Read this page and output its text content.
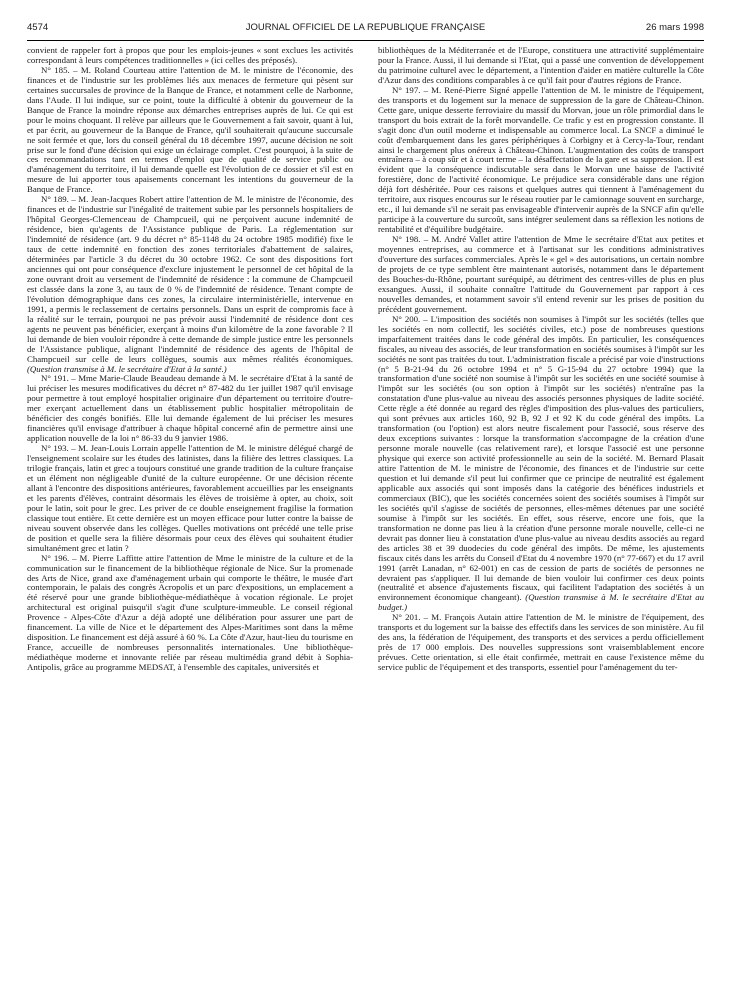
4574	JOURNAL OFFICIEL DE LA REPUBLIQUE FRANÇAISE	26 mars 1998

convient de rappeler fort à propos que pour les emplois-jeunes « sont exclues les activités correspondant à leurs compétences traditionnelles » (ici celles des préposés).

N° 185. – M. Roland Courteau attire l'attention de M. le ministre de l'économie, des finances et de l'industrie sur les problèmes liés aux menaces de fermeture qui pèsent sur certaines succursales de province de la Banque de France, et notamment celle de Narbonne, dans l'Aude. Il lui indique, sur ce point, toute la difficulté à obtenir du gouverneur de la Banque de France la moindre réponse aux démarches entreprises auprès de lui. Ce qui est pour le moins choquant. Il relève par ailleurs que le Gouvernement a fait savoir, quant à lui, et par écrit, au gouverneur de la Banque de France, qu'il souhaiterait qu'aucune succursale ne soit fermée et que, lors du conseil général du 18 décembre 1997, aucune décision ne soit prise sur le fond d'une décision qui exige un éclairage complet. C'est pourquoi, à la suite de ces recommandations tant en termes d'emploi que de qualité de service public ou d'aménagement du territoire, il lui demande quelle est l'évolution de ce dossier et s'il est en mesure de lui apporter tous apaisements concernant les intentions du gouverneur de la Banque de France.

N° 189. – M. Jean-Jacques Robert attire l'attention de M. le ministre de l'économie, des finances et de l'industrie sur l'inégalité de traitement subie par les personnels hospitaliers de l'hôpital Georges-Clemenceau de Champcueil, qui ne perçoivent aucune indemnité de résidence, bien qu'agents de l'Assistance publique de Paris. La réglementation sur l'indemnité de résidence (art. 9 du décret n° 85-1148 du 24 octobre 1985 modifié) fixe le taux de cette indemnité en fonction des zones territoriales d'abattement de salaires, déterminées par l'article 3 du décret du 30 octobre 1962. Ce sont des dispositions fort anciennes qui ont pour conséquence d'exclure injustement le personnel de cet hôpital de la zone ouvrant droit au versement de l'indemnité de résidence : la commune de Champcueil est classée dans la zone 3, au taux de 0 % de l'indemnité de résidence. Tenant compte de l'évolution démographique dans ces zones, la circulaire interministérielle, intervenue en 1991, a permis le reclassement de certains personnels. Dans un esprit de compromis face à la réalité sur le terrain, pourquoi ne pas prévoir aussi l'indemnité de résidence dont ces agents ne peuvent pas bénéficier, exerçant à moins d'un kilomètre de la zone favorable ? Il lui demande de bien vouloir répondre à cette demande de simple justice entre les personnels de l'Assistance publique, alignant l'indemnité de résidence des agents de l'hôpital de Champcueil sur celle de leurs collègues, soumis aux mêmes réalités économiques. (Question transmise à M. le secrétaire d'Etat à la santé.)

N° 191. – Mme Marie-Claude Beaudeau demande à M. le secrétaire d'Etat à la santé de lui préciser les mesures modificatives du décret n° 87-482 du 1er juillet 1987 qu'il envisage pour permettre à tout employé hospitalier originaire d'un département ou territoire d'outre-mer exerçant actuellement dans un établissement public hospitalier métropolitain de bénéficier des congés bonifiés. Elle lui demande également de lui préciser les mesures financières qu'il envisage d'attribuer à chaque hôpital concerné afin de permettre ainsi une application nouvelle de la loi n° 86-33 du 9 janvier 1986.

N° 193. – M. Jean-Louis Lorrain appelle l'attention de M. le ministre délégué chargé de l'enseignement scolaire sur les études des latinistes, dans la filière des lettres classiques. La trilogie français, latin et grec a toujours constitué une grande tradition de la culture française et un élément non négligeable d'unité de la culture européenne. Or une décision récente allant à l'encontre des dispositions antérieures, favorablement accueillies par les enseignants et les parents d'élèves, contraint désormais les élèves de troisième à opter, au choix, soit pour le latin, soit pour le grec. Les priver de ce double enseignement fragilise la formation classique tout entière. Et cette dernière est un moyen efficace pour lutter contre la baisse de niveau souvent observée dans les collèges. Quelles motivations ont précédé une telle prise de position et quelle sera la filière désormais pour ceux des élèves qui souhaitent étudier simultanément grec et latin ?

N° 196. – M. Pierre Laffitte attire l'attention de Mme le ministre de la culture et de la communication sur le financement de la bibliothèque régionale de Nice. Sur la promenade des Arts de Nice, grand axe d'aménagement urbain qui comporte le théâtre, le musée d'art contemporain, le palais des congrès Acropolis et un parc d'expositions, un emplacement a été réservé pour une grande bibliothèque-médiathèque à vocation régionale. Le projet architectural est original puisqu'il s'agit d'une sculpture-immeuble. Le conseil régional Provence - Alpes-Côte d'Azur a déjà adopté une délibération pour assurer une part de financement. La ville de Nice et le département des Alpes-Maritimes sont dans la même disposition. Le financement est déjà assuré à 60 %. La Côte d'Azur, haut-lieu du tourisme en France, accueille de nombreuses personnalités internationales. Une bibliothèque-médiathèque moderne et innovante reliée par réseau multimédia grand débit à Sophia-Antipolis, grâce au programme MEDSAT, à l'ensemble des capitales, universités et

bibliothèques de la Méditerranée et de l'Europe, constituera une attractivité supplémentaire pour la France. Aussi, il lui demande si l'Etat, qui a passé une convention de développement du patrimoine culturel avec le département, a l'intention d'aider en matière culturelle la Côte d'Azur dans des conditions comparables à ce qu'il fait pour d'autres régions de France.

N° 197. – M. René-Pierre Signé appelle l'attention de M. le ministre de l'équipement, des transports et du logement sur la menace de suppression de la gare de Château-Chinon. Cette gare, unique desserte ferroviaire du massif du Morvan, joue un rôle primordial dans le transport du bois extrait de la forêt morvandelle. Ce trafic y est en progression constante. Il s'agit donc d'un outil moderne et indispensable au commerce local. La SNCF a diminué le coût d'embarquement dans les gares périphériques à Corbigny et à Cercy-la-Tour, rendant ainsi le chargement plus onéreux à Château-Chinon. L'augmentation des coûts de transport entraînera – à coup sûr et à court terme – la désaffectation de la gare et sa suppression. Il est évident que la conséquence indiscutable sera dans le Morvan une baisse de l'activité forestière, donc de l'activité économique. Le préjudice sera considérable dans une région déjà fort déshéritée. Pour ces raisons et quelques autres qui tiennent à l'aménagement du territoire, aux risques encourus sur le réseau routier par le camionnage souvent en surcharge, etc., il lui demande s'il ne serait pas envisageable d'intervenir auprès de la SNCF afin qu'elle participe à la couverture du surcoût, sans intégrer seulement dans sa réflexion les notions de rentabilité et d'équilibre budgétaire.

N° 198. – M. André Vallet attire l'attention de Mme le secrétaire d'Etat aux petites et moyennes entreprises, au commerce et à l'artisanat sur les conditions administratives d'ouverture des surfaces commerciales. Après le « gel » des autorisations, un certain nombre de projets de ce type semblent être maintenant autorisés, notamment dans le département des Bouches-du-Rhône, pourtant suréquipé, au détriment des centres-villes de plus en plus exsangues. Aussi, il souhaite connaître l'attitude du Gouvernement par rapport à ces nouvelles demandes, et notamment savoir s'il entend revenir sur les prises de position du précédent gouvernement.

N° 200. – L'imposition des sociétés non soumises à l'impôt sur les sociétés (telles que les sociétés en nom collectif, les sociétés civiles, etc.) pose de nombreuses questions imparfaitement traitées dans le code général des impôts. En particulier, les conséquences fiscales, au niveau des associés, de leur transformation en sociétés soumises à l'impôt sur les sociétés ne sont pas traitées du tout. L'administration fiscale a précisé par voie d'instructions (n° 5 B-21-94 du 26 octobre 1994 et n° 5 G-15-94 du 27 octobre 1994) que la transformation d'une société non soumise à l'impôt sur les sociétés en une société soumise à l'impôt sur les sociétés (ou son option à l'impôt sur les sociétés) n'entraîne pas la constatation d'une plus-value au niveau des associés personnes physiques de ladite société. Cette règle a été donnée au regard des règles d'imposition des plus-values des particuliers, qui sont prévues aux articles 160, 92 B, 92 J et 92 K du code général des impôts. La transformation (ou l'option) est alors neutre fiscalement pour l'associé, sous réserve des deux exceptions suivantes : lorsque la transformation s'accompagne de la création d'une personne morale nouvelle (cas relativement rare), et lorsque l'associé est une personne physique qui exerce son activité professionnelle au sein de la société. M. Bernard Plasait attire l'attention de M. le ministre de l'économie, des finances et de l'industrie sur cette question et lui demande s'il peut lui confirmer que ce principe de neutralité est également applicable aux associés qui sont imposés dans la catégorie des bénéfices industriels et commerciaux (BIC), que les sociétés concernées soient des sociétés soumises à l'impôt sur les sociétés qu'il s'agisse de sociétés de personnes, elles-mêmes détenues par une société soumise à l'impôt sur les sociétés. En effet, sous réserve, encore une fois, que la transformation ne donne pas lieu à la création d'une personne morale nouvelle, celle-ci ne devrait pas donner lieu à constatation d'une plus-value au niveau desdits associés au regard des articles 38 et 39 duodecies du code général des impôts. De même, les ajustements fiscaux cités dans les arrêts du Conseil d'Etat du 4 novembre 1970 (n° 77-667) et du 17 avril 1991 (arrêt Lanadan, n° 62-001) en cas de cession de parts de sociétés de personnes ne devraient pas s'appliquer. Il lui demande de bien vouloir lui confirmer ces deux points (neutralité et absence d'ajustements fiscaux, qui facilitent l'adaptation des sociétés à un environnement économique changeant). (Question transmise à M. le secrétaire d'Etat au budget.)

N° 201. – M. François Autain attire l'attention de M. le ministre de l'équipement, des transports et du logement sur la baisse des effectifs dans les services de son ministère. Au fil des ans, la fédération de l'équipement, des transports et des services a perdu officiellement près de 17 000 emplois. Des nouvelles suppressions sont vraisemblablement encore prévues. Cette orientation, si elle était confirmée, mettrait en cause l'existence même du service public de l'équipement et des transports, essentiel pour l'aménagement du ter-
